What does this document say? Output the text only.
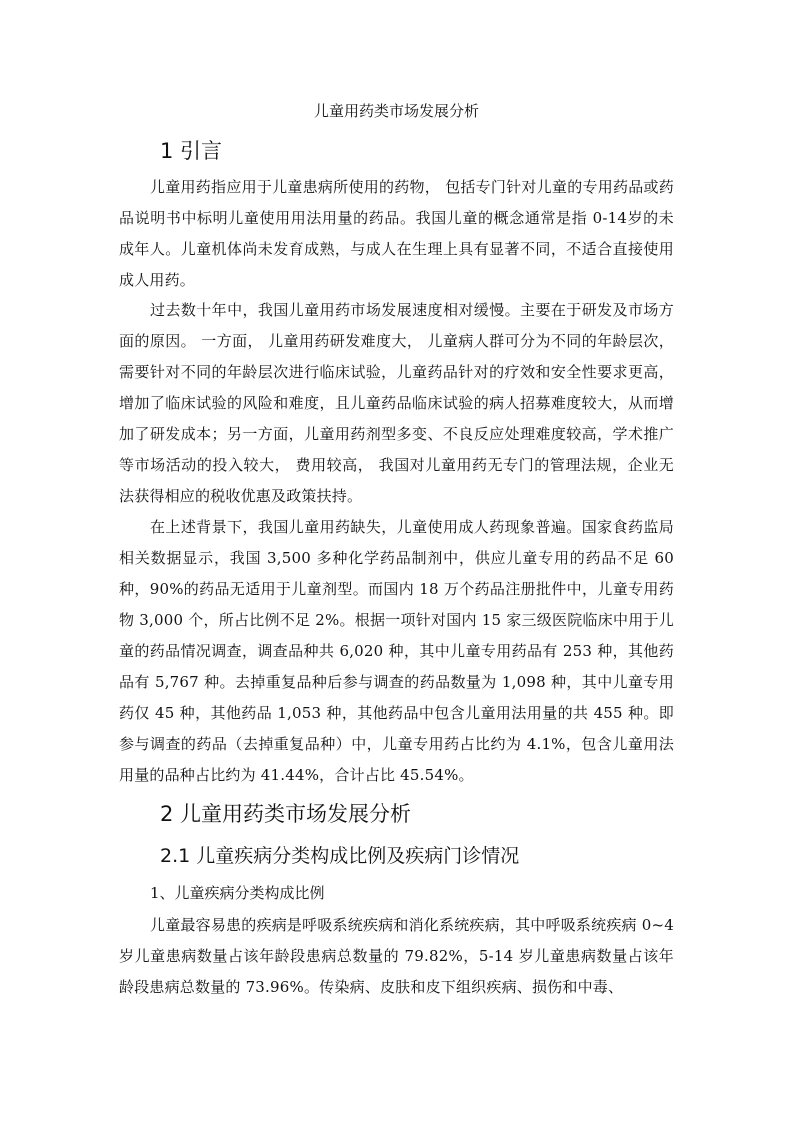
儿童用药类市场发展分析
1 引言

儿童用药指应用于儿童患病所使用的药物， 包括专门针对儿童的专用药品或药品说明书中标明儿童使用用法用量的药品。我国儿童的概念通常是指 0-14岁的未成年人。儿童机体尚未发育成熟，与成人在生理上具有显著不同，不适合直接使用成人用药。

过去数十年中，我国儿童用药市场发展速度相对缓慢。主要在于研发及市场方面的原因。 一方面， 儿童用药研发难度大， 儿童病人群可分为不同的年龄层次，需要针对不同的年龄层次进行临床试验，儿童药品针对的疗效和安全性要求更高，增加了临床试验的风险和难度，且儿童药品临床试验的病人招募难度较大，从而增加了研发成本；另一方面，儿童用药剂型多变、不良反应处理难度较高，学术推广等市场活动的投入较大， 费用较高， 我国对儿童用药无专门的管理法规，企业无法获得相应的税收优惠及政策扶持。

在上述背景下，我国儿童用药缺失，儿童使用成人药现象普遍。国家食药监局相关数据显示，我国 3,500 多种化学药品制剂中，供应儿童专用的药品不足 60 种，90%的药品无适用于儿童剂型。而国内 18 万个药品注册批件中，儿童专用药物 3,000 个，所占比例不足 2%。根据一项针对国内 15 家三级医院临床中用于儿童的药品情况调查，调查品种共 6,020 种，其中儿童专用药品有 253 种，其他药品有 5,767 种。去掉重复品种后参与调查的药品数量为 1,098 种，其中儿童专用药仅 45 种，其他药品 1,053 种，其他药品中包含儿童用法用量的共 455 种。即参与调查的药品（去掉重复品种）中，儿童专用药占比约为 4.1%，包含儿童用法用量的品种占比约为 41.44%，合计占比 45.54%。

2 儿童用药类市场发展分析
2.1 儿童疾病分类构成比例及疾病门诊情况

1、儿童疾病分类构成比例

儿童最容易患的疾病是呼吸系统疾病和消化系统疾病，其中呼吸系统疾病 0~4 岁儿童患病数量占该年龄段患病总数量的 79.82%，5-14 岁儿童患病数量占该年龄段患病总数量的 73.96%。传染病、皮肤和皮下组织疾病、损伤和中毒、
